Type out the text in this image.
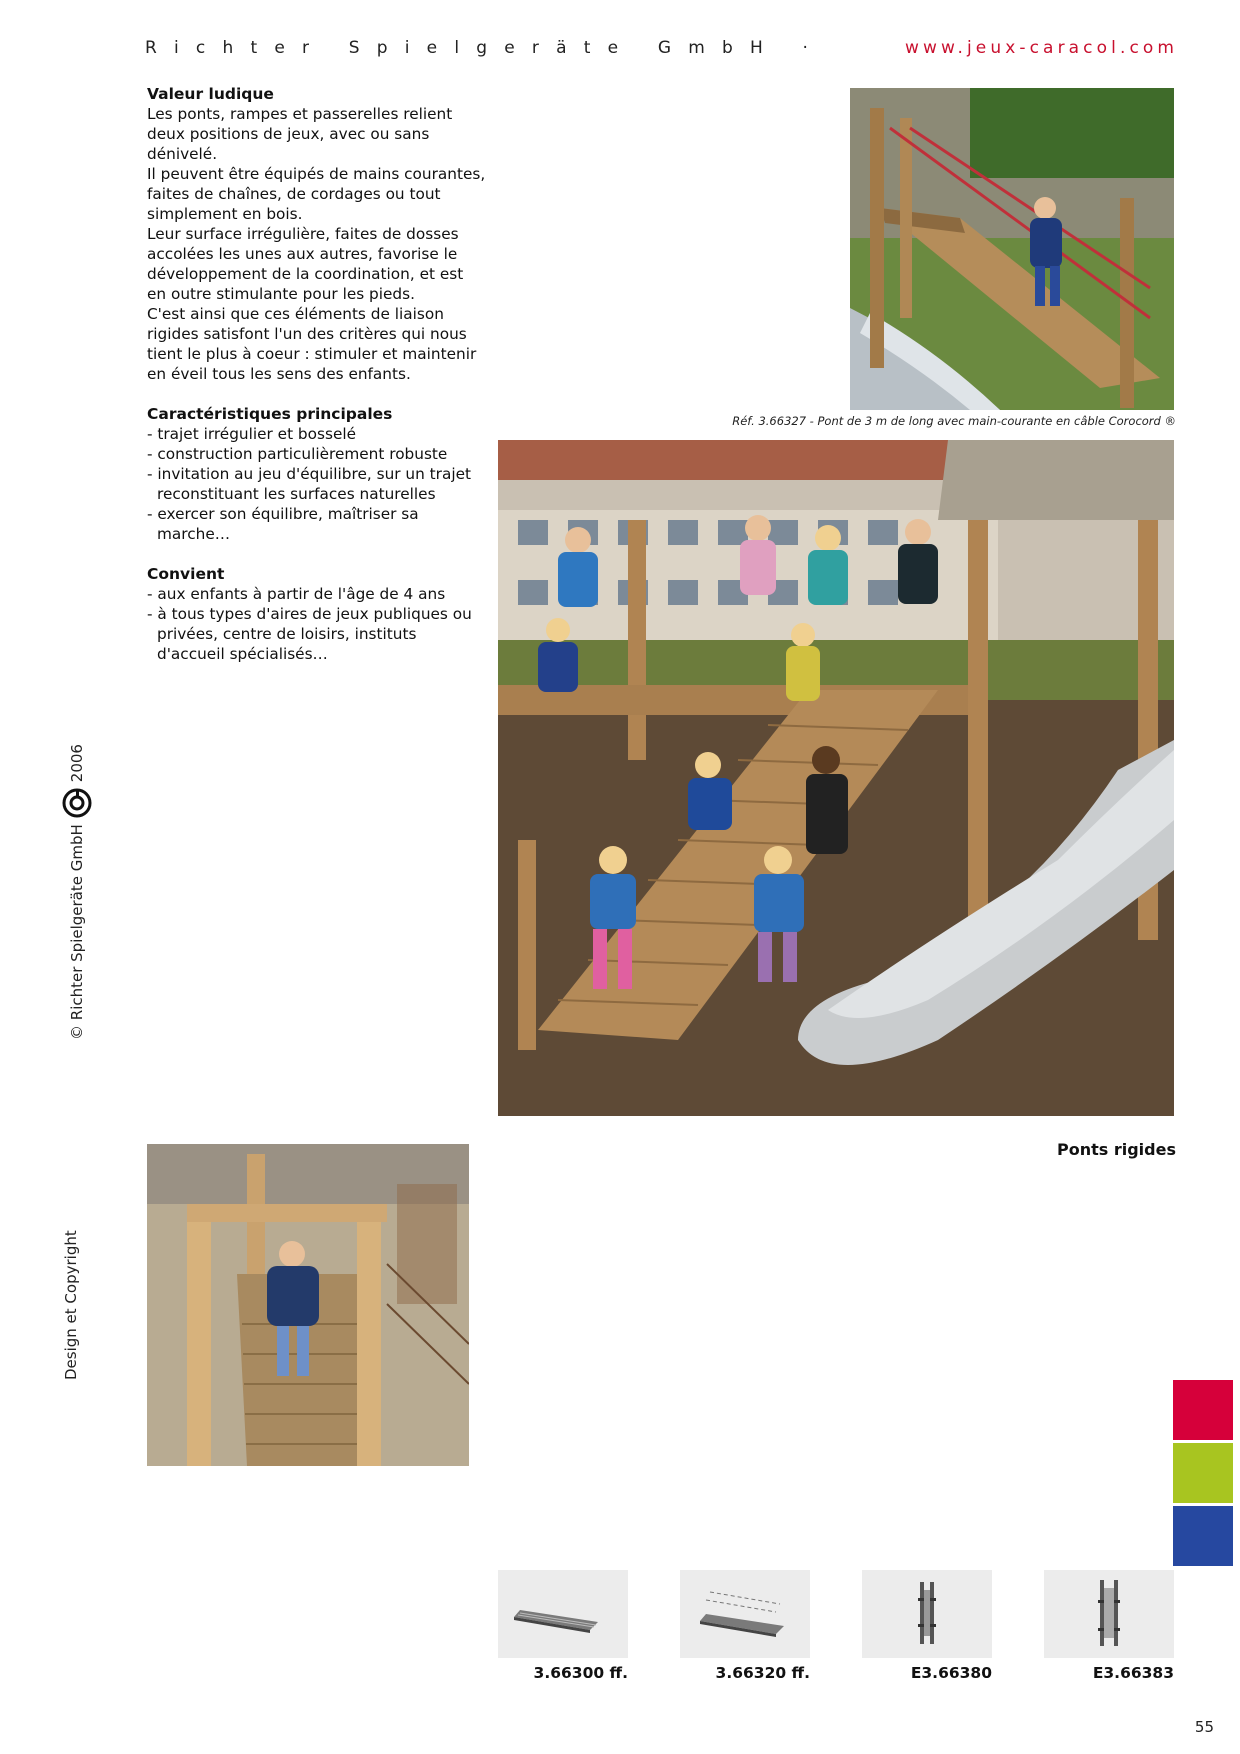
Richter Spielgeräte GmbH ·	www.jeux-caracol.com
Valeur ludique

Les ponts, rampes et passerelles relient deux positions de jeux, avec ou sans dénivelé.

Il peuvent être équipés de mains courantes, faites de chaînes, de cordages ou tout simplement en bois.

Leur surface irrégulière, faites de dosses accolées les unes aux autres, favorise le développement de la coordination, et est en outre stimulante pour les pieds.

C'est ainsi que ces éléments de liaison rigides satisfont l'un des critères qui nous tient le plus à coeur : stimuler et maintenir en éveil tous les sens des enfants.

Caractéristiques principales
- trajet irrégulier et bosselé
- construction particulièrement robuste
- invitation au jeu d'équilibre, sur un trajet reconstituant les surfaces naturelles
- exercer son équilibre, maîtriser sa marche…
Convient
- aux enfants à partir de l'âge de 4 ans
- à tous types d'aires de jeux publiques ou privées, centre de loisirs, instituts d'accueil spécialisés…
Réf. 3.66327 - Pont de 3 m de long avec main-courante en câble Corocord ®
Ponts rigides
© Richter Spielgeräte GmbH
2006
Design et Copyright
3.66300 ff.	3.66320 ff.	E3.66380	E3.66383
55
